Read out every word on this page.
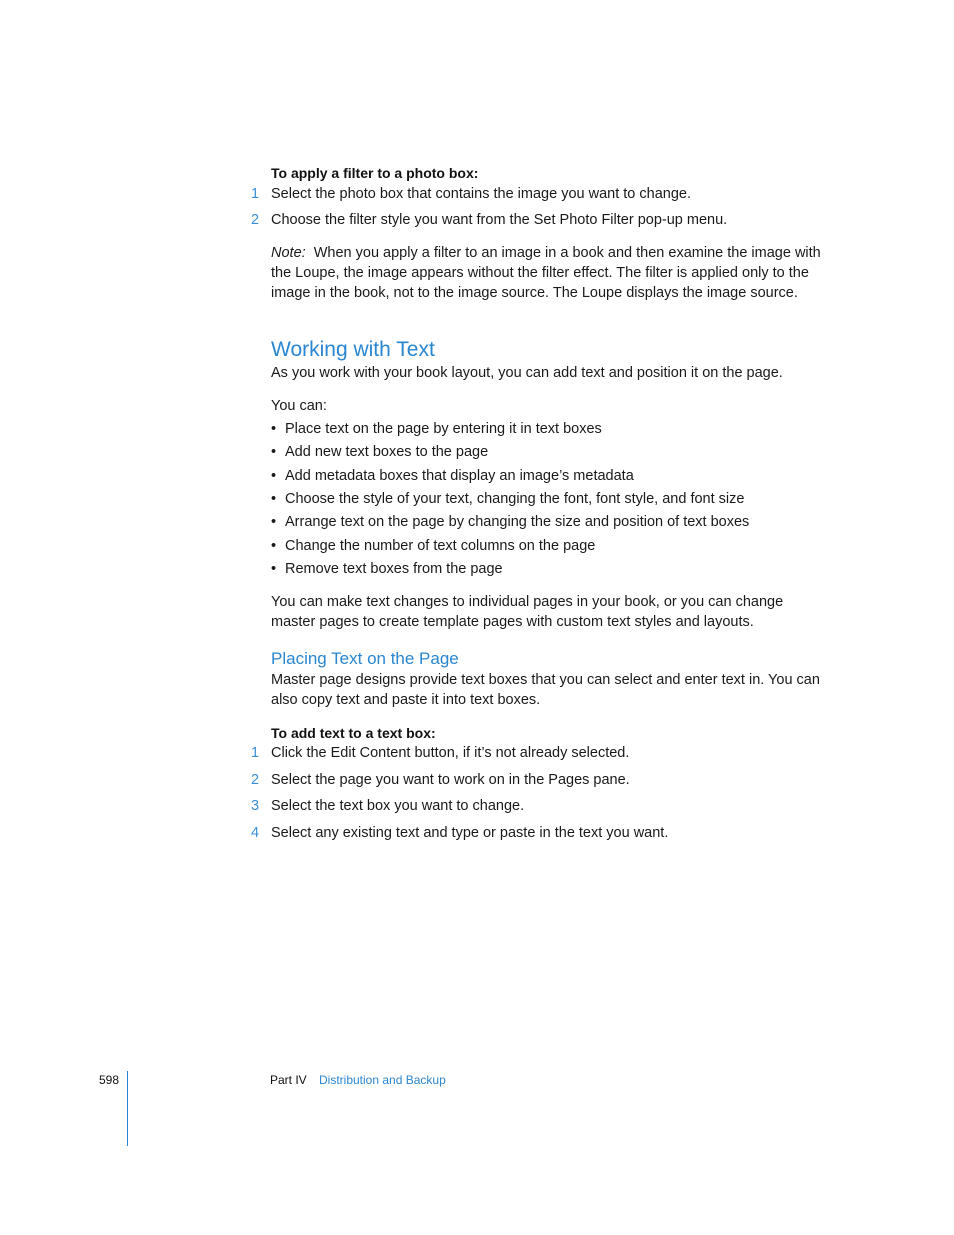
To apply a filter to a photo box:
1 Select the photo box that contains the image you want to change.
2 Choose the filter style you want from the Set Photo Filter pop-up menu.
Note: When you apply a filter to an image in a book and then examine the image with the Loupe, the image appears without the filter effect. The filter is applied only to the image in the book, not to the image source. The Loupe displays the image source.
Working with Text
As you work with your book layout, you can add text and position it on the page.
You can:
• Place text on the page by entering it in text boxes
• Add new text boxes to the page
• Add metadata boxes that display an image’s metadata
• Choose the style of your text, changing the font, font style, and font size
• Arrange text on the page by changing the size and position of text boxes
• Change the number of text columns on the page
• Remove text boxes from the page
You can make text changes to individual pages in your book, or you can change master pages to create template pages with custom text styles and layouts.
Placing Text on the Page
Master page designs provide text boxes that you can select and enter text in. You can also copy text and paste it into text boxes.
To add text to a text box:
1 Click the Edit Content button, if it’s not already selected.
2 Select the page you want to work on in the Pages pane.
3 Select the text box you want to change.
4 Select any existing text and type or paste in the text you want.
598	Part IV Distribution and Backup
